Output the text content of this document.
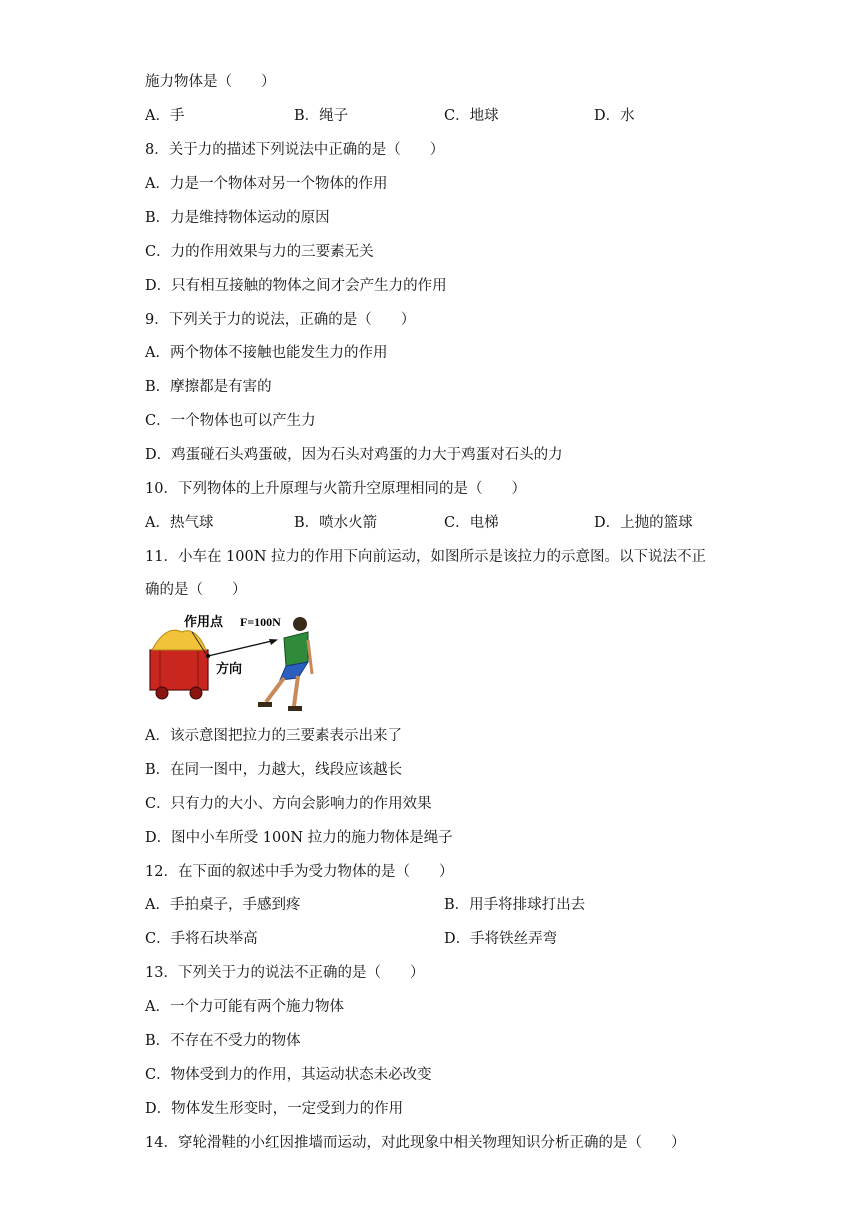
施力物体是（　　）
A．手	B．绳子	C．地球	D．水
8．关于力的描述下列说法中正确的是（　　）
A．力是一个物体对另一个物体的作用
B．力是维持物体运动的原因
C．力的作用效果与力的三要素无关
D．只有相互接触的物体之间才会产生力的作用
9．下列关于力的说法，正确的是（　　）
A．两个物体不接触也能发生力的作用
B．摩擦都是有害的
C．一个物体也可以产生力
D．鸡蛋碰石头鸡蛋破，因为石头对鸡蛋的力大于鸡蛋对石头的力
10．下列物体的上升原理与火箭升空原理相同的是（　　）
A．热气球	B．喷水火箭	C．电梯	D．上抛的篮球
11．小车在 100N 拉力的作用下向前运动，如图所示是该拉力的示意图。以下说法不正
确的是（　　）
作用点 F=100N
方向
A．该示意图把拉力的三要素表示出来了
B．在同一图中，力越大，线段应该越长
C．只有力的大小、方向会影响力的作用效果
D．图中小车所受 100N 拉力的施力物体是绳子
12．在下面的叙述中手为受力物体的是（　　）
A．手拍桌子，手感到疼	B．用手将排球打出去
C．手将石块举高	D．手将铁丝弄弯
13．下列关于力的说法不正确的是（　　）
A．一个力可能有两个施力物体
B．不存在不受力的物体
C．物体受到力的作用，其运动状态未必改变
D．物体发生形变时，一定受到力的作用
14．穿轮滑鞋的小红因推墙而运动，对此现象中相关物理知识分析正确的是（　　）
